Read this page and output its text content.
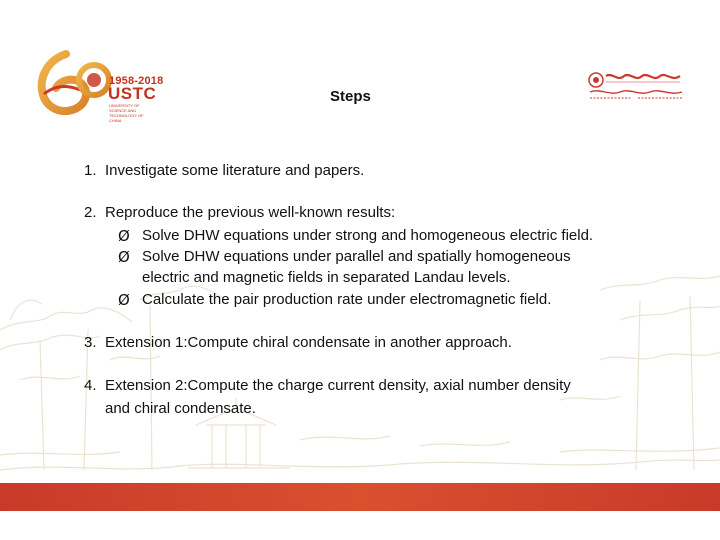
1958-2018
USTC
UNIVERSITY OF SCIENCE AND TECHNOLOGY OF CHINA
Steps
1. Investigate some literature and papers.
2. Reproduce the previous well-known results:
Ø Solve DHW equations under strong and homogeneous electric field.
Ø Solve DHW equations under parallel and spatially homogeneous
electric and magnetic fields in separated Landau levels.
Ø Calculate the pair production rate under electromagnetic field.
3. Extension 1:Compute chiral condensate in another approach.
4. Extension 2:Compute the charge current density, axial number density
and chiral condensate.
